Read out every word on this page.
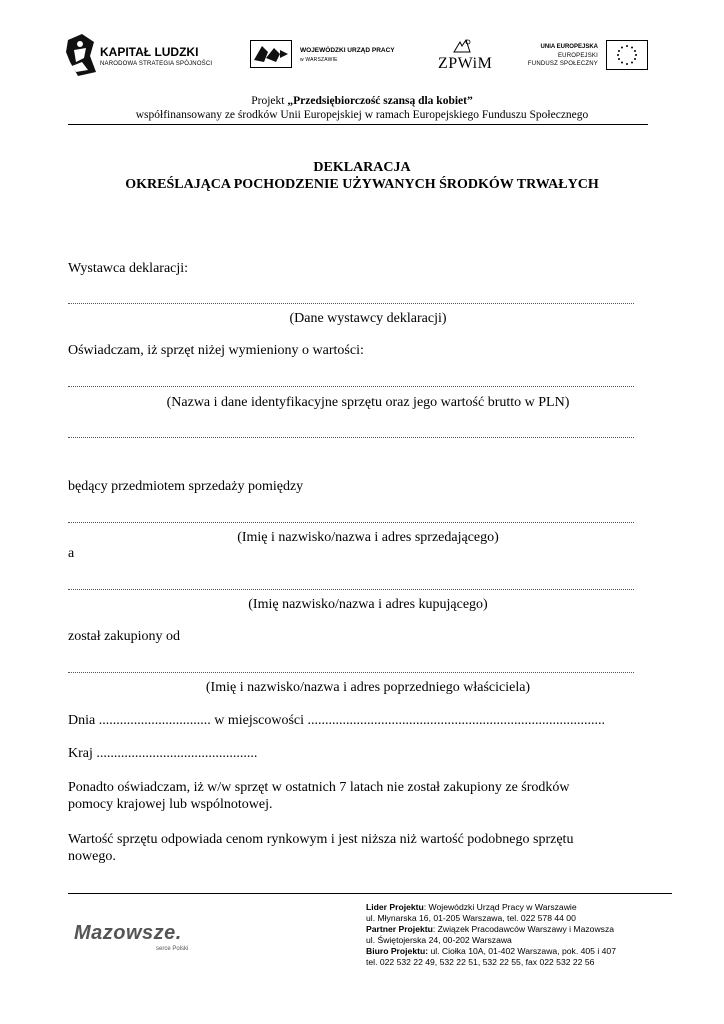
KAPITAŁ LUDZKI
NARODOWA STRATEGIA SPÓJNOŚCI
WOJEWÓDZKI URZĄD PRACY
w WARSZAWIE	ZPWiM
UNIA EUROPEJSKA
EUROPEJSKI
FUNDUSZ SPOŁECZNY
Projekt „Przedsiębiorczość szansą dla kobiet”
współfinansowany ze środków Unii Europejskiej w ramach Europejskiego Funduszu Społecznego
DEKLARACJA
OKREŚLAJĄCA POCHODZENIE UŻYWANYCH ŚRODKÓW TRWAŁYCH
Wystawca deklaracji:
(Dane wystawcy deklaracji)
Oświadczam, iż sprzęt niżej wymieniony o wartości:
(Nazwa i dane identyfikacyjne sprzętu oraz jego wartość brutto w PLN)
będący przedmiotem sprzedaży pomiędzy
(Imię i nazwisko/nazwa i adres sprzedającego)
a
(Imię nazwisko/nazwa i adres kupującego)
został zakupiony od
(Imię i nazwisko/nazwa i adres poprzedniego właściciela)
Dnia ................................ w miejscowości .....................................................................................
Kraj ..............................................
Ponadto oświadczam, iż w/w sprzęt w ostatnich 7 latach nie został zakupiony ze środków pomocy krajowej lub wspólnotowej.
Wartość sprzętu odpowiada cenom rynkowym i jest niższa niż wartość podobnego sprzętu nowego.
Mazowsze.
serce Polski
Lider Projektu: Wojewódzki Urząd Pracy w Warszawie
ul. Młynarska 16, 01-205 Warszawa, tel. 022 578 44 00
Partner Projektu: Związek Pracodawców Warszawy i Mazowsza
ul. Świętojerska 24, 00-202 Warszawa
Biuro Projektu: ul. Ciołka 10A, 01-402 Warszawa, pok. 405 i 407
tel. 022 532 22 49, 532 22 51, 532 22 55, fax 022 532 22 56
